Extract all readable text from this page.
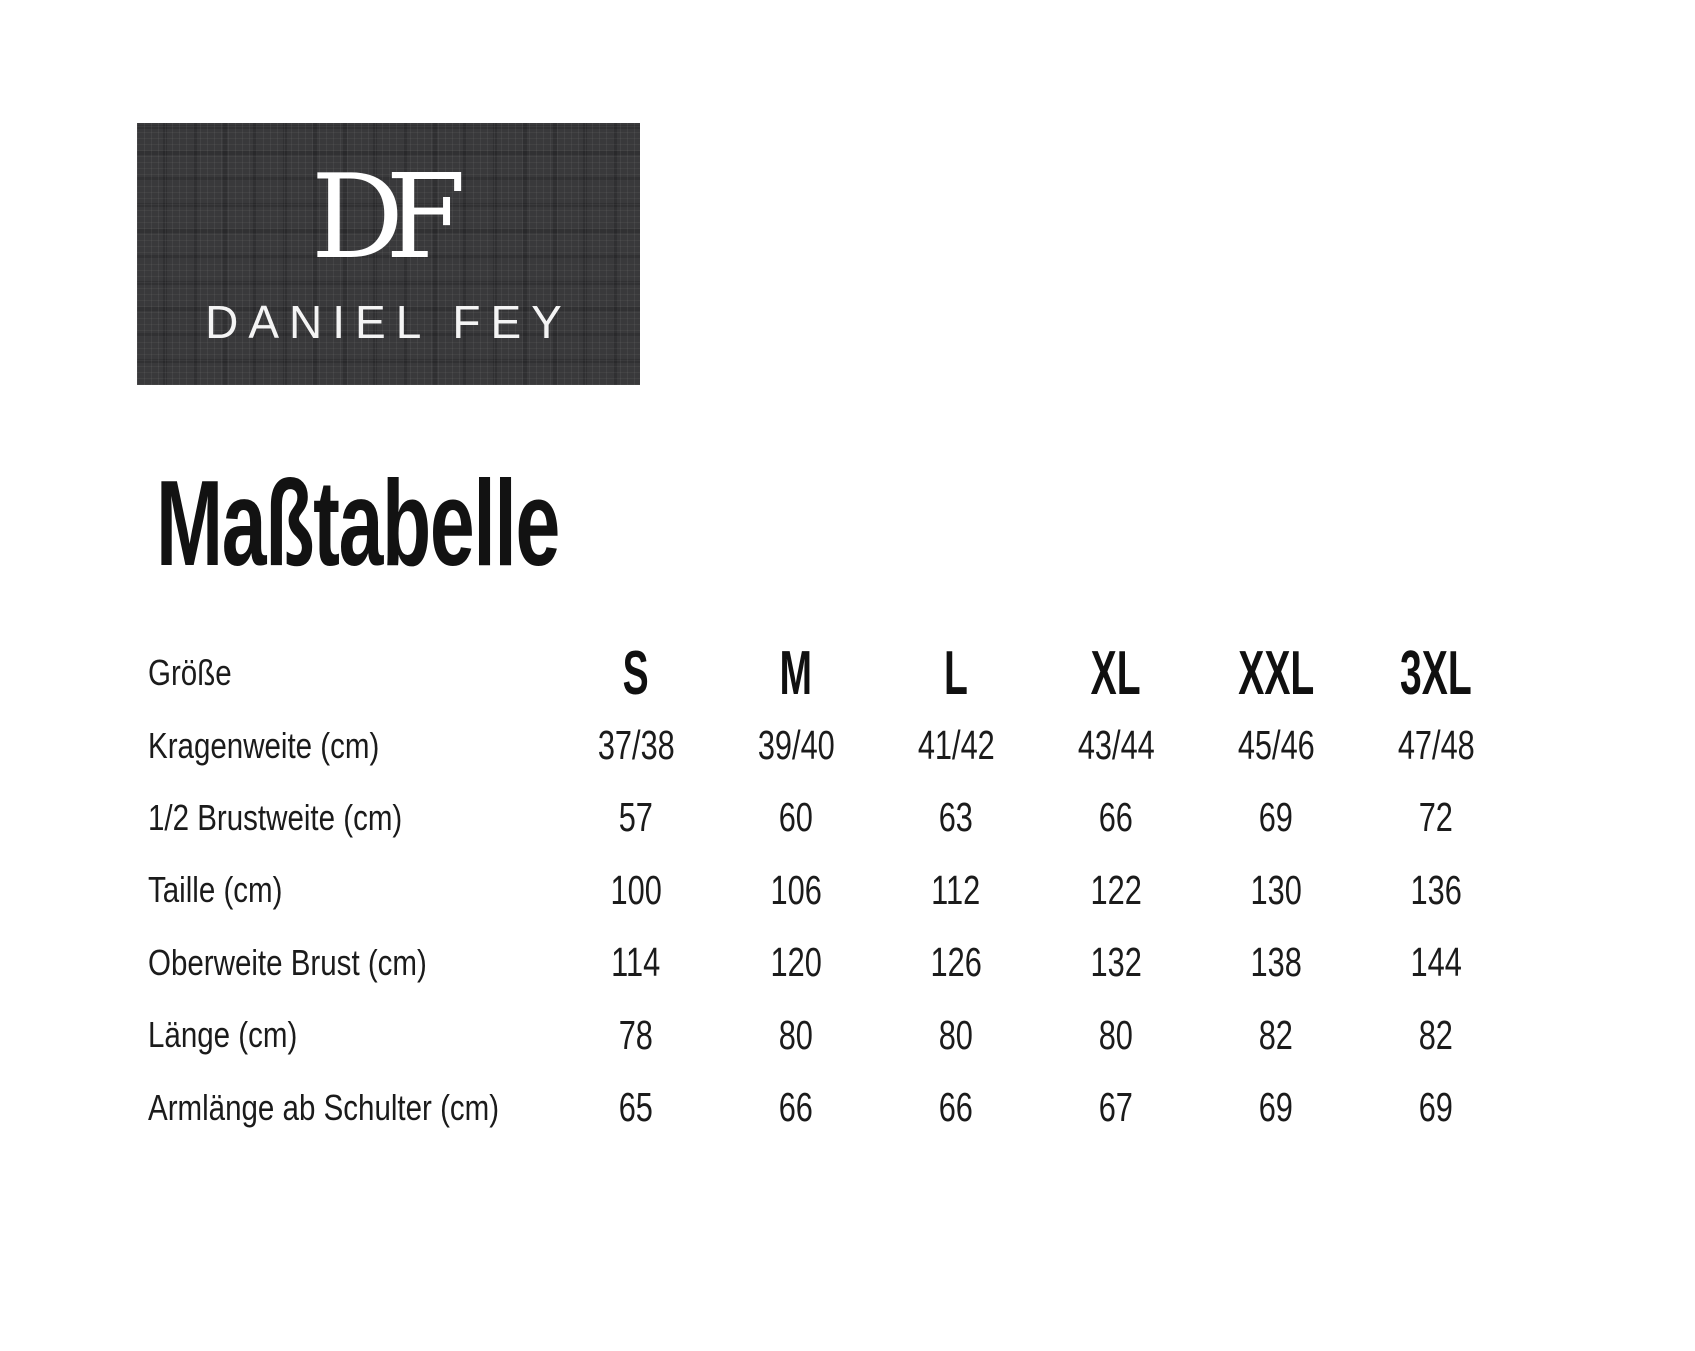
DF
DANIEL FEY
Maßtabelle
Größe	S M L XL XXL 3XL
Kragenweite (cm)	37/38 39/40 41/42 43/44 45/46 47/48
1/2 Brustweite (cm)	57	60	63	66	69	72
Taille (cm)	100	106	112	122	130	136
Oberweite Brust (cm)	114	120	126	132	138	144
Länge (cm)	78	80	80	80	82	82
Armlänge ab Schulter (cm)	65	66	66	67	69	69
